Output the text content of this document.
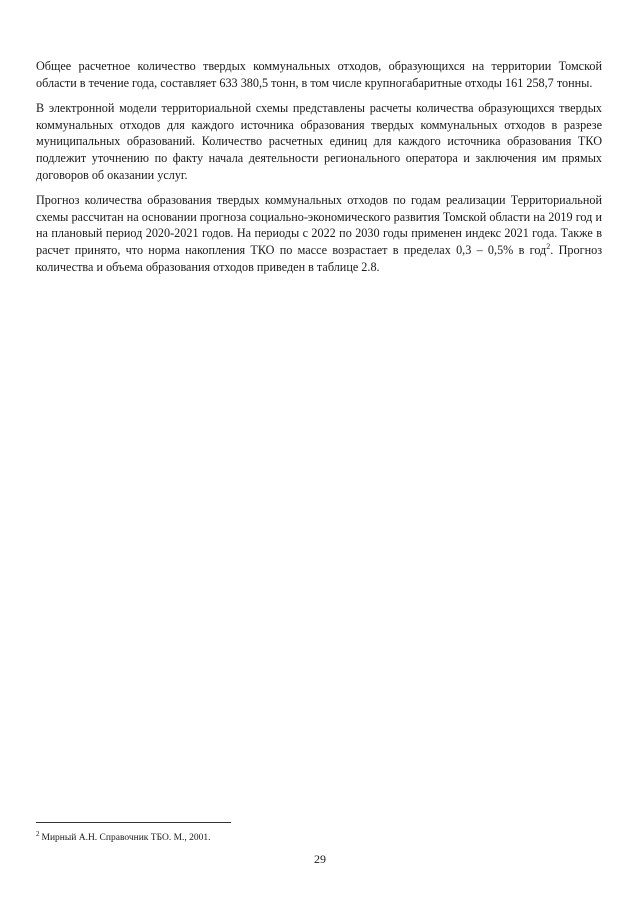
Общее расчетное количество твердых коммунальных отходов, образующихся на территории Томской области в течение года, составляет 633 380,5 тонн, в том числе крупногабаритные отходы 161 258,7 тонны.

В электронной модели территориальной схемы представлены расчеты количества образующихся твердых коммунальных отходов для каждого источника образования твердых коммунальных отходов в разрезе муниципальных образований. Количество расчетных единиц для каждого источника образования ТКО подлежит уточнению по факту начала деятельности регионального оператора и заключения им прямых договоров об оказании услуг.

Прогноз количества образования твердых коммунальных отходов по годам реализации Территориальной схемы рассчитан на основании прогноза социально-экономического развития Томской области на 2019 год и на плановый период 2020-2021 годов. На периоды с 2022 по 2030 годы применен индекс 2021 года. Также в расчет принято, что норма накопления ТКО по массе возрастает в пределах 0,3 – 0,5% в год$^2$. Прогноз количества и объема образования отходов приведен в таблице 2.8.

$^2$ Мирный А.Н. Справочник ТБО. М., 2001.
29
